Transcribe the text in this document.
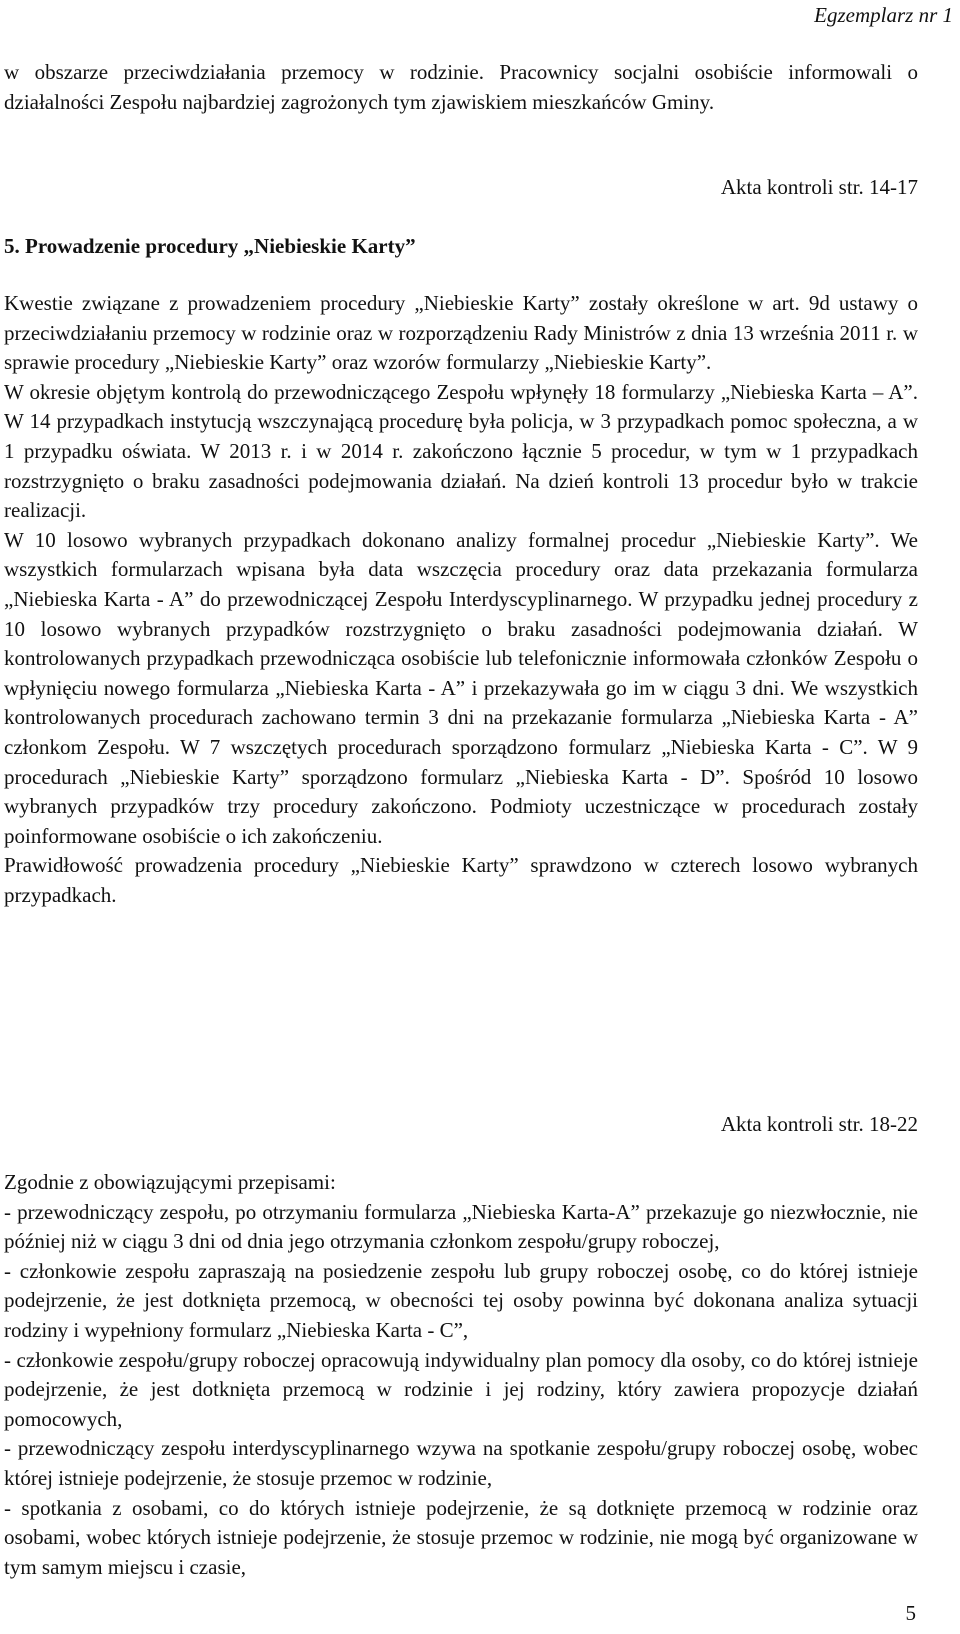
Egzemplarz nr 1

w obszarze przeciwdziałania przemocy w rodzinie. Pracownicy socjalni osobiście informowali o działalności Zespołu najbardziej zagrożonych tym zjawiskiem mieszkańców Gminy.

Akta kontroli str. 14-17
5. Prowadzenie procedury „Niebieskie Karty”

Kwestie związane z prowadzeniem procedury „Niebieskie Karty” zostały określone w art. 9d ustawy o przeciwdziałaniu przemocy w rodzinie oraz w rozporządzeniu Rady Ministrów z dnia 13 września 2011 r. w sprawie procedury „Niebieskie Karty” oraz wzorów formularzy „Niebieskie Karty”.

W okresie objętym kontrolą do przewodniczącego Zespołu wpłynęły 18 formularzy „Niebieska Karta – A”. W 14 przypadkach instytucją wszczynającą procedurę była policja, w 3 przypadkach pomoc społeczna, a w 1 przypadku oświata. W 2013 r. i w 2014 r. zakończono łącznie 5 procedur, w tym w 1 przypadkach rozstrzygnięto o braku zasadności podejmowania działań. Na dzień kontroli 13 procedur było w trakcie realizacji.

W 10 losowo wybranych przypadkach dokonano analizy formalnej procedur „Niebieskie Karty”. We wszystkich formularzach wpisana była data wszczęcia procedury oraz data przekazania formularza „Niebieska Karta - A” do przewodniczącej Zespołu Interdyscyplinarnego. W przypadku jednej procedury z 10 losowo wybranych przypadków rozstrzygnięto o braku zasadności podejmowania działań. W kontrolowanych przypadkach przewodnicząca osobiście lub telefonicznie informowała członków Zespołu o wpłynięciu nowego formularza „Niebieska Karta - A” i przekazywała go im w ciągu 3 dni. We wszystkich kontrolowanych procedurach zachowano termin 3 dni na przekazanie formularza „Niebieska Karta - A” członkom Zespołu. W 7 wszczętych procedurach sporządzono formularz „Niebieska Karta - C”. W 9 procedurach „Niebieskie Karty” sporządzono formularz „Niebieska Karta - D”. Spośród 10 losowo wybranych przypadków trzy procedury zakończono. Podmioty uczestniczące w procedurach zostały poinformowane osobiście o ich zakończeniu.

Prawidłowość prowadzenia procedury „Niebieskie Karty” sprawdzono w czterech losowo wybranych przypadkach.

Akta kontroli str. 18-22

Zgodnie z obowiązującymi przepisami:

- przewodniczący zespołu, po otrzymaniu formularza „Niebieska Karta-A” przekazuje go niezwłocznie, nie później niż w ciągu 3 dni od dnia jego otrzymania członkom zespołu/grupy roboczej,

- członkowie zespołu zapraszają na posiedzenie zespołu lub grupy roboczej osobę, co do której istnieje podejrzenie, że jest dotknięta przemocą, w obecności tej osoby powinna być dokonana analiza sytuacji rodziny i wypełniony formularz „Niebieska Karta - C”,

- członkowie zespołu/grupy roboczej opracowują indywidualny plan pomocy dla osoby, co do której istnieje podejrzenie, że jest dotknięta przemocą w rodzinie i jej rodziny, który zawiera propozycje działań pomocowych,

- przewodniczący zespołu interdyscyplinarnego wzywa na spotkanie zespołu/grupy roboczej osobę, wobec której istnieje podejrzenie, że stosuje przemoc w rodzinie,

- spotkania z osobami, co do których istnieje podejrzenie, że są dotknięte przemocą w rodzinie oraz osobami, wobec których istnieje podejrzenie, że stosuje przemoc w rodzinie, nie mogą być organizowane w tym samym miejscu i czasie,

5
